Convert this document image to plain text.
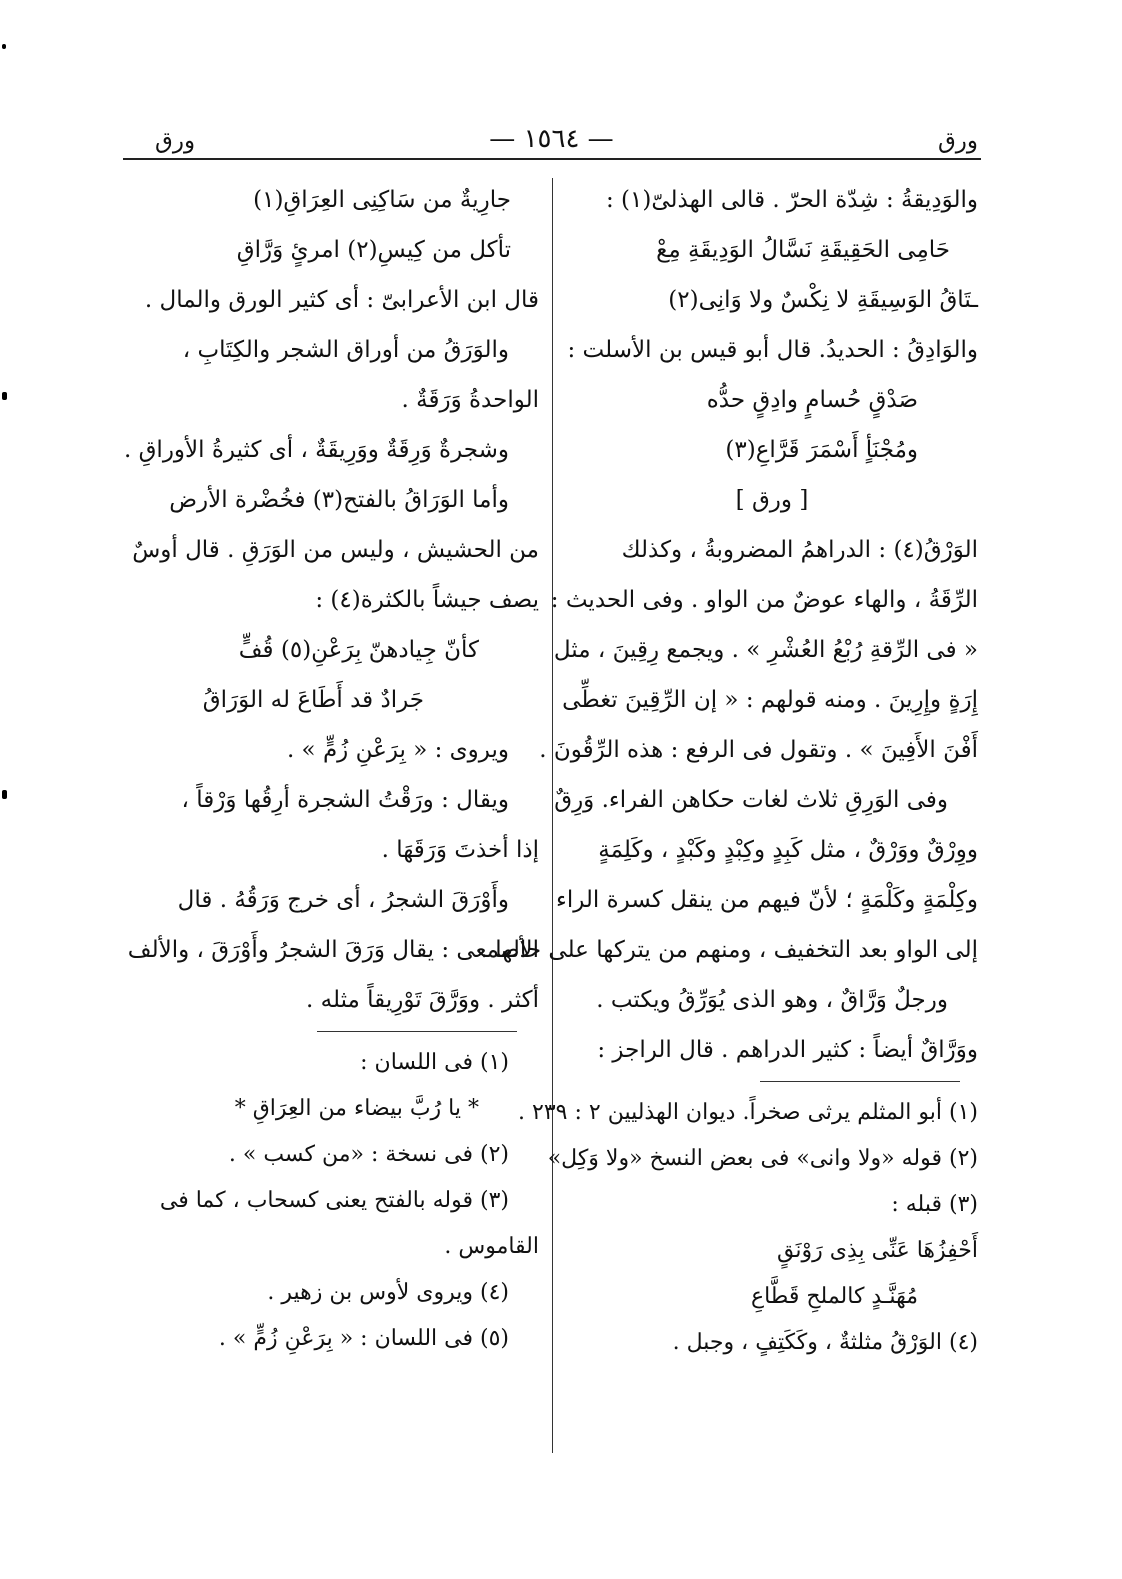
ورق
— ١٥٦٤ —
ورق
والوَدِيقةُ : شِدّة الحرّ . قالى الهذلىّ(١) :
حَامِى الحَقِيقَةِ نَسَّالُ الوَدِيقَةِ مِعْ
ـتَاقُ الوَسِيقَةِ لا نِكْسٌ ولا وَانِى(٢)
والوَادِقُ : الحديدُ. قال أبو قيس بن الأسلت :
صَدْقٍ حُسامٍ وادِقٍ حدُّه
ومُجْنَأٍ أَسْمَرَ قَرَّاعِ(٣)
[ ورق ]
الوَرْقُ(٤) : الدراهمُ المضروبةُ ، وكذلك
الرِّقَةُ ، والهاء عوضٌ من الواو . وفى الحديث :
« فى الرِّقةِ رُبْعُ العُشْرِ » . ويجمع رِقِينَ ، مثل
إِرَةٍ وإِرِينَ . ومنه قولهم : « إن الرِّقِينَ تغطِّى
أَفْنَ الأَفِينَ » . وتقول فى الرفع : هذه الرِّقُونَ .
وفى الوَرِقِ ثلاث لغات حكاهن الفراء. وَرِقٌ
ووِرْقٌ ووَرْقٌ ، مثل كَبِدٍ وكِبْدٍ وكَبْدٍ ، وكَلِمَةٍ
وكِلْمَةٍ وكَلْمَةٍ ؛ لأنّ فيهم من ينقل كسرة الراء
إلى الواو بعد التخفيف ، ومنهم من يتركها على حالها .
ورجلٌ وَرَّاقٌ ، وهو الذى يُوَرِّقُ ويكتب .
ووَرَّاقٌ أيضاً : كثير الدراهم . قال الراجز :
(١) أبو المثلم يرثى صخراً. ديوان الهذليين ٢ : ٢٣٩ .
(٢) قوله «ولا وانى» فى بعض النسخ «ولا وَكِل»
(٣) قبله :
أَحْفِزُهَا عَنِّى بِذِى رَوْنَقٍ
مُهَنَّـدٍ كالملحِ قَطَّاعِ
(٤) الوَرْقُ مثلثةٌ ، وكَكَتِفٍ ، وجبل .
جارِيةٌ من سَاكِنِى العِرَاقِ(١)
تأكل من كِيسِ(٢) امرئٍ وَرَّاقِ
قال ابن الأعرابىّ : أى كثير الورق والمال .
والوَرَقُ من أوراق الشجر والكِتَابِ ،
الواحدةُ وَرَقَةٌ .
وشجرةٌ وَرِقَةٌ ووَرِيقَةٌ ، أى كثيرةُ الأوراقِ .
وأما الوَرَاقُ بالفتح(٣) فخُضْرة الأرض
من الحشيش ، وليس من الوَرَقِ . قال أوسٌ
يصف جيشاً بالكثرة(٤) :
كأنّ جِيادهنّ بِرَعْنِ(٥) قُفٍّ
جَرادٌ قد أَطَاعَ له الوَرَاقُ
ويروى : « بِرَعْنِ زُمٍّ » .
ويقال : ورَقْتُ الشجرة أرِقُها وَرْقاً ،
إذا أخذتَ وَرَقَهَا .
وأَوْرَقَ الشجرُ ، أى خرج وَرَقُهُ . قال
الأصمعى : يقال وَرَقَ الشجرُ وأَوْرَقَ ، والألف
أكثر . ووَرَّقَ تَوْرِيقاً مثله .
(١) فى اللسان :
* يا رُبَّ بيضاء من العِرَاقِ *
(٢) فى نسخة : «من كسب » .
(٣) قوله بالفتح يعنى كسحاب ، كما فى
القاموس .
(٤) ويروى لأوس بن زهير .
(٥) فى اللسان : « بِرَعْنِ زُمٍّ » .
